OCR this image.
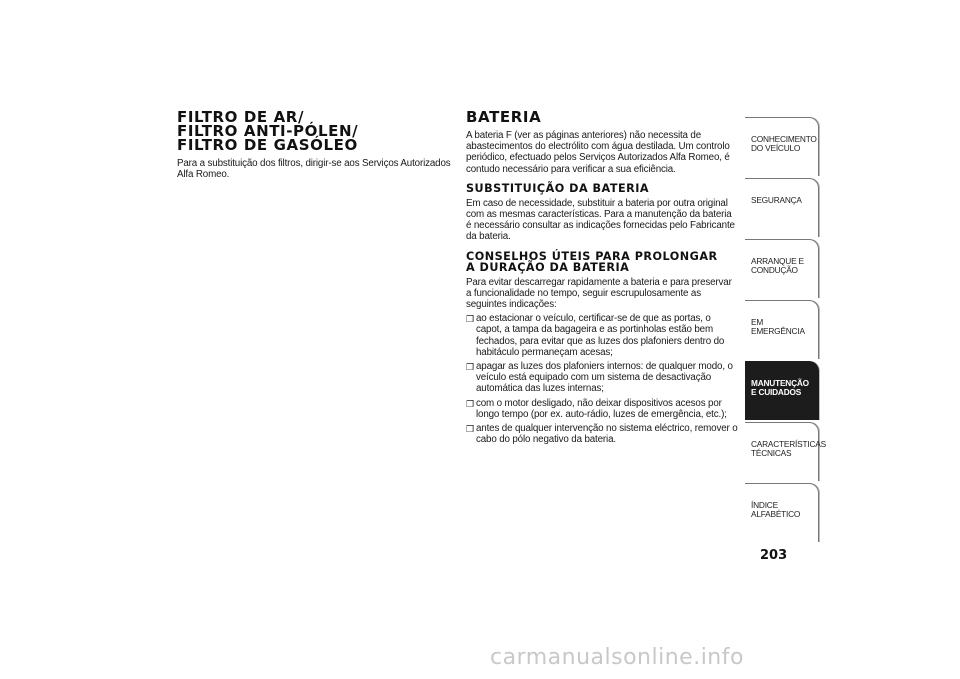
FILTRO DE AR/
FILTRO ANTI-PÓLEN/
FILTRO DE GASÓLEO

Para a substituição dos filtros, dirigir-se aos Serviços Autorizados Alfa Romeo.

BATERIA

A bateria F (ver as páginas anteriores) não necessita de abastecimentos do electrólito com água destilada. Um controlo periódico, efectuado pelos Serviços Autorizados Alfa Romeo, é contudo necessário para verificar a sua eficiência.

SUBSTITUIÇÃO DA BATERIA

Em caso de necessidade, substituir a bateria por outra original com as mesmas características. Para a manutenção da bateria é necessário consultar as indicações fornecidas pelo Fabricante da bateria.

CONSELHOS ÚTEIS PARA PROLONGAR
A DURAÇÃO DA BATERIA

Para evitar descarregar rapidamente a bateria e para preservar a funcionalidade no tempo, seguir escrupulosamente as seguintes indicações:

❒ ao estacionar o veículo, certificar-se de que as portas, o capot, a tampa da bagageira e as portinholas estão bem fechados, para evitar que as luzes dos plafoniers dentro do habitáculo permaneçam acesas;
❒ apagar as luzes dos plafoniers internos: de qualquer modo, o veículo está equipado com um sistema de desactivação automática das luzes internas;
❒ com o motor desligado, não deixar dispositivos acesos por longo tempo (por ex. auto-rádio, luzes de emergência, etc.);
❒ antes de qualquer intervenção no sistema eléctrico, remover o cabo do pólo negativo da bateria.
CONHECIMENTO DO VEÍCULO
SEGURANÇA
ARRANQUE E CONDUÇÃO
EM EMERGÊNCIA
MANUTENÇÃO E CUIDADOS
CARACTERÍSTICAS TÉCNICAS
ÍNDICE ALFABÉTICO
203
carmanualsonline.info
